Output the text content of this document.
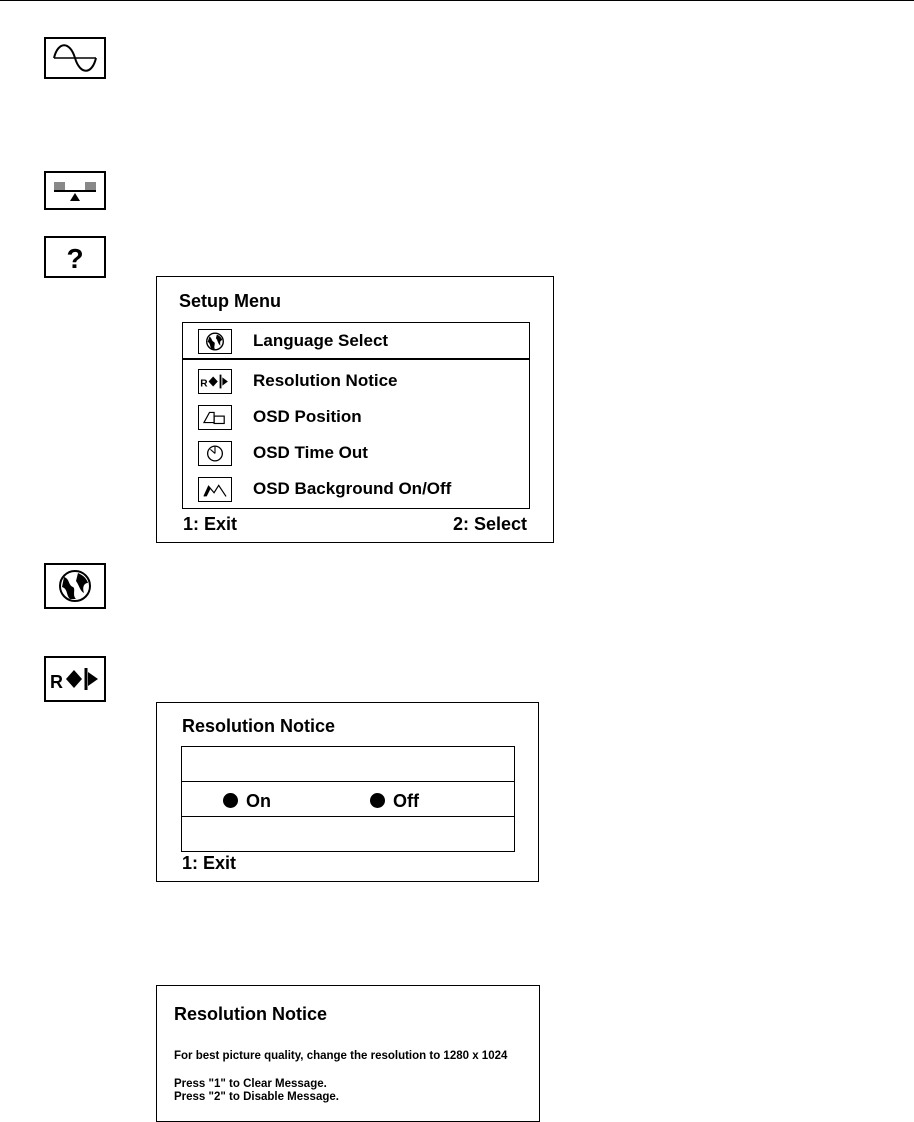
?
R
Setup Menu
Language Select
R	Resolution Notice
OSD Position
OSD Time Out
OSD Background On/Off
1: Exit	2: Select
Resolution Notice
On	Off
1: Exit
Resolution Notice
For best picture quality, change the resolution to 1280 x 1024
Press "1" to Clear Message.
Press "2" to Disable Message.
